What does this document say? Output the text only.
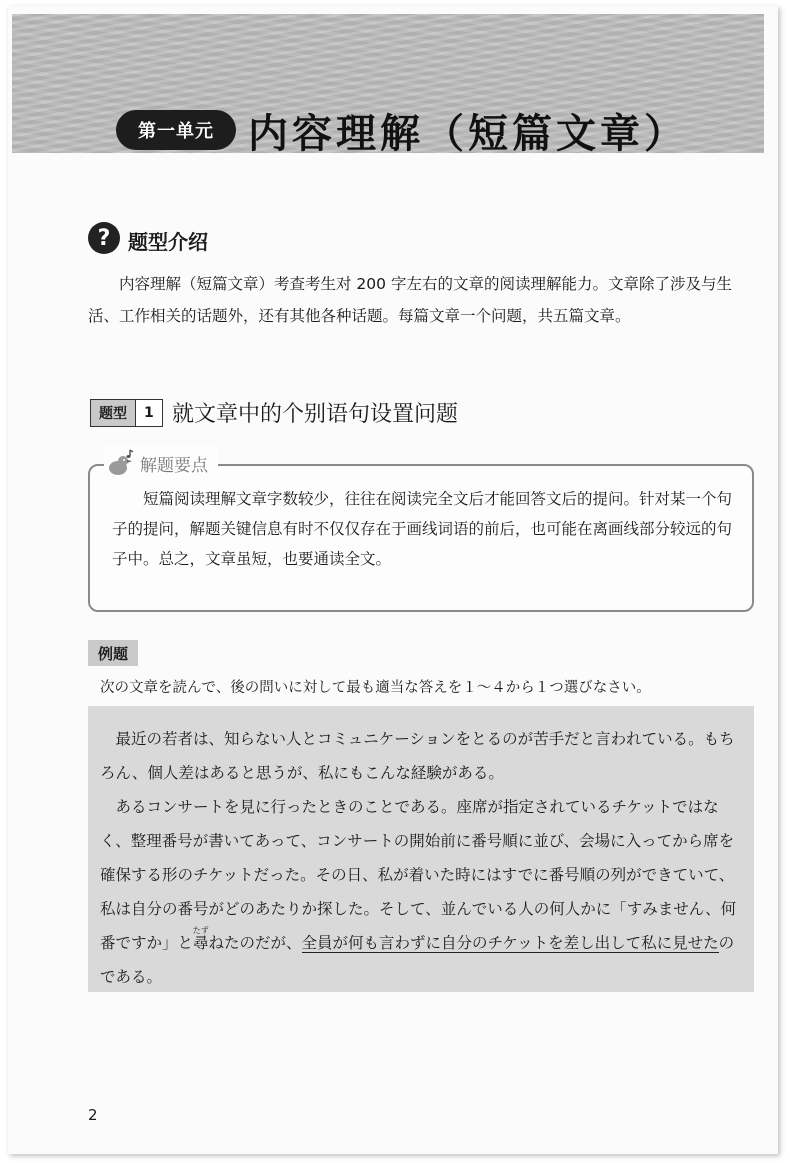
第一单元 内容理解（短篇文章）
? 题型介绍

内容理解（短篇文章）考查考生对 200 字左右的文章的阅读理解能力。文章除了涉及与生活、工作相关的话题外，还有其他各种话题。每篇文章一个问题，共五篇文章。

题型	1 就文章中的个别语句设置问题
解题要点

短篇阅读理解文章字数较少，往往在阅读完全文后才能回答文后的提问。针对某一个句子的提问，解题关键信息有时不仅仅存在于画线词语的前后，也可能在离画线部分较远的句子中。总之，文章虽短，也要通读全文。

例题
次の文章を読んで、後の問いに対して最も適当な答えを１〜４から１つ選びなさい。

最近の若者は、知らない人とコミュニケーションをとるのが苦手だと言われている。もちろん、個人差はあると思うが、私にもこんな経験がある。

あるコンサートを見に行ったときのことである。座席が指定されているチケットではなく、整理番号が書いてあって、コンサートの開始前に番号順に並び、会場に入ってから席を確保する形のチケットだった。その日、私が着いた時にはすでに番号順の列ができていて、私は自分の番号がどのあたりか探した。そして、並んでいる人の何人かに「すみません、何番ですか」と尋たずねたのだが、全員が何も言わずに自分のチケットを差し出して私に見せたのである。

2
